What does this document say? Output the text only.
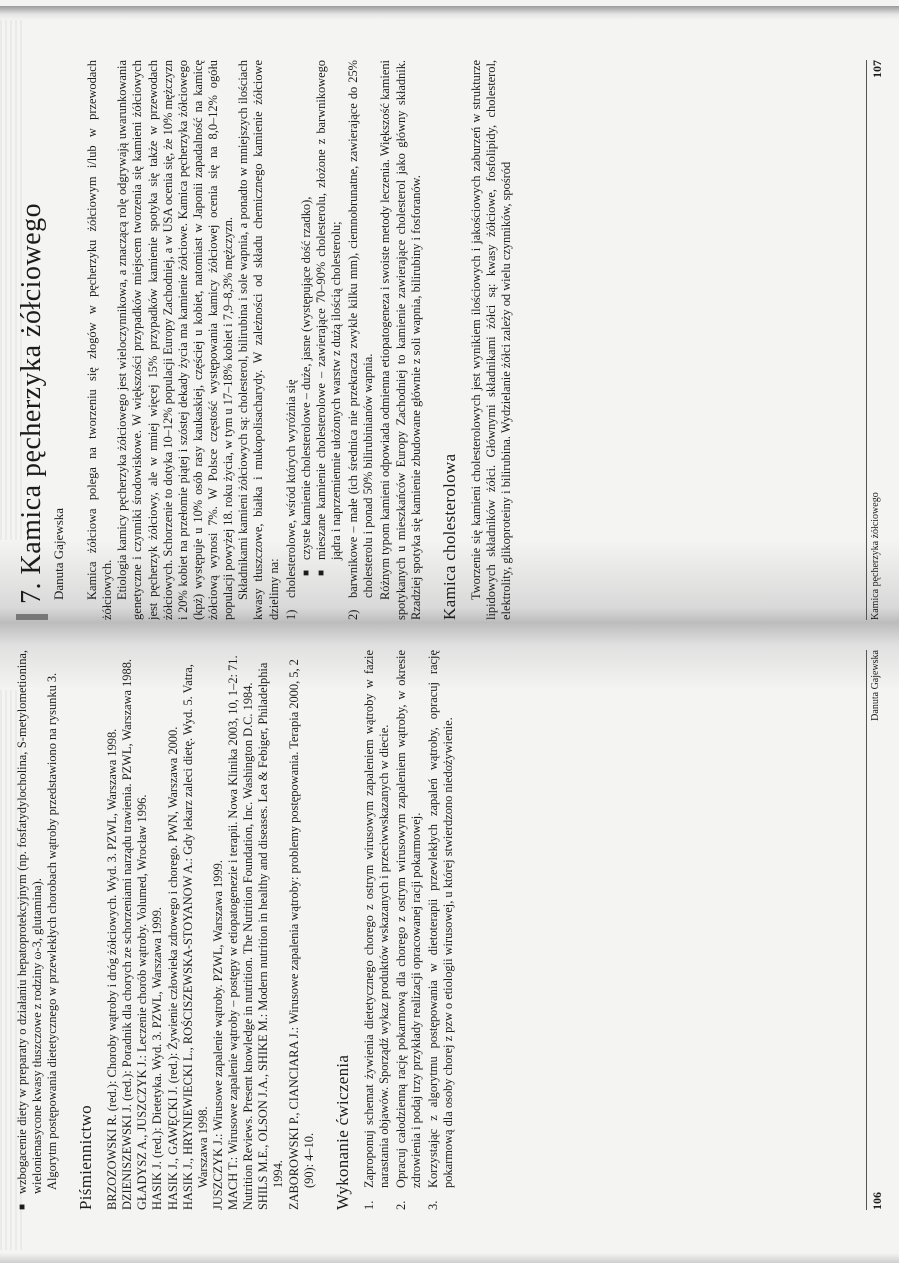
■

wzbogacenie diety w preparaty o działaniu hepatoprotekcyjnym (np. fosfatydylocholina, S-metylometionina, wielonienasycone kwasy tłuszczowe z rodziny ω-3, glutamina). Algorytm postępowania dietetycznego w przewlekłych chorobach wątroby przedstawiono na rysunku 3. Piśmiennictwo BRZOZOWSKI R. (red.): Choroby wątroby i dróg żółciowych. Wyd. 3. PZWL, Warszawa 1998. DZIENISZEWSKI J. (red.): Poradnik dla chorych ze schorzeniami narządu trawienia. PZWL, Warszawa 1988. GŁADYSZ A., JUSZCZYK J.: Leczenie chorób wątroby. Volumed, Wrocław 1996. HASIK J. (red.): Dietetyka. Wyd. 3. PZWL, Warszawa 1999. HASIK J., GAWĘCKI J. (red.): Żywienie człowieka zdrowego i chorego. PWN, Warszawa 2000. HASIK J., HRYNIEWIECKI L., ROŚCISZEWSKA-STOYANOW A.: Gdy lekarz zaleci dietę. Wyd. 5. Vatra, Warszawa 1998. JUSZCZYK J.: Wirusowe zapalenie wątroby. PZWL, Warszawa 1999. MACH T.: Wirusowe zapalenie wątroby – postępy w etiopatogenezie i terapii. Nowa Klinika 2003, 10, 1–2: 71. Nutrition Reviews. Present knowledge in nutrition. The Nutrition Foundation, Inc. Washington D.C. 1984. SHILS M.E., OLSON J.A., SHIKE M.: Modern nutrition in healthy and diseases. Lea & Febiger, Philadelphia 1994. ZABOROWSKI P., CIANCIARA J.: Wirusowe zapalenia wątroby: problemy postępowania. Terapia 2000, 5, 2 (90): 4–10. Wykonanie ćwiczenia 1.

Zaproponuj schemat żywienia dietetycznego chorego z ostrym wirusowym zapaleniem wątroby w fazie narastania objawów. Sporządź wykaz produktów wskazanych i przeciwwskazanych w diecie.

2.

Opracuj całodzienną rację pokarmową dla chorego z ostrym wirusowym zapaleniem wątroby, w okresie zdrowienia i podaj trzy przykłady realizacji opracowanej racji pokarmowej.

3.

Korzystając z algorytmu postępowania w dietoterapii przewlekłych zapaleń wątroby, opracuj rację pokarmową dla osoby chorej z pzw o etiologii wirusowej, u której stwierdzono niedożywienie.

106
Danuta Gajewska
7. Kamica pęcherzyka żółciowego Danuta Gajewska Kamica żółciowa polega na tworzeniu się złogów w pęcherzyku żółciowym i/lub w przewodach żółciowych. Etiologia kamicy pęcherzyka żółciowego jest wieloczynnikowa, a znaczącą rolę odgrywają uwarunkowania genetyczne i czynniki środowiskowe. W większości przypadków miejscem tworzenia się kamieni żółciowych jest pęcherzyk żółciowy, ale w mniej więcej 15% przypadków kamienie spotyka się także w przewodach żółciowych. Schorzenie to dotyka 10–12% populacji Europy Zachodniej, a w USA ocenia się, że 10% mężczyzn i 20% kobiet na przełomie piątej i szóstej dekady życia ma kamienie żółciowe. Kamica pęcherzyka żółciowego (kpż) występuje u 10% osób rasy kaukaskiej, częściej u kobiet, natomiast w Japonii zapadalność na kamicę żółciową wynosi 7%. W Polsce częstość występowania kamicy żółciowej ocenia się na 8,0–12% ogółu populacji powyżej 18. roku życia, w tym u 17–18% kobiet i 7,9–8,3% mężczyzn. Składnikami kamieni żółciowych są: cholesterol, bilirubina i sole wapnia, a ponadto w mniejszych ilościach kwasy tłuszczowe, białka i mukopolisacharydy. W zależności od składu chemicznego kamienie żółciowe dzielimy na: 1)

cholesterolowe, wśród których wyróżnia się ■

czyste kamienie cholesterolowe – duże, jasne (występujące dość rzadko),

■

mieszane kamienie cholesterolowe – zawierające 70–90% cholesterolu, złożone z barwnikowego jądra i naprzemiennie ułożonych warstw z dużą ilością cholesterolu;

2)

barwnikowe – małe (ich średnica nie przekracza zwykle kilku mm), ciemnobrunatne, zawierające do 25% cholesterolu i ponad 50% bilirubinianów wapnia. Różnym typom kamieni odpowiada odmienna etiopatogeneza i swoiste metody leczenia. Większość kamieni spotykanych u mieszkańców Europy Zachodniej to kamienie zawierające cholesterol jako główny składnik. Rzadziej spotyka się kamienie zbudowane głównie z soli wapnia, bilirubiny i fosforanów. Kamica cholesterolowa Tworzenie się kamieni cholesterolowych jest wynikiem ilościowych i jakościowych zaburzeń w strukturze lipidowych składników żółci. Głównymi składnikami żółci są: kwasy żółciowe, fosfolipidy, cholesterol, elektrolity, glikoproteiny i bilirubina. Wydzielanie żółci zależy od wielu czynników, spośród	Kamica pęcherzyka żółciowego
107
